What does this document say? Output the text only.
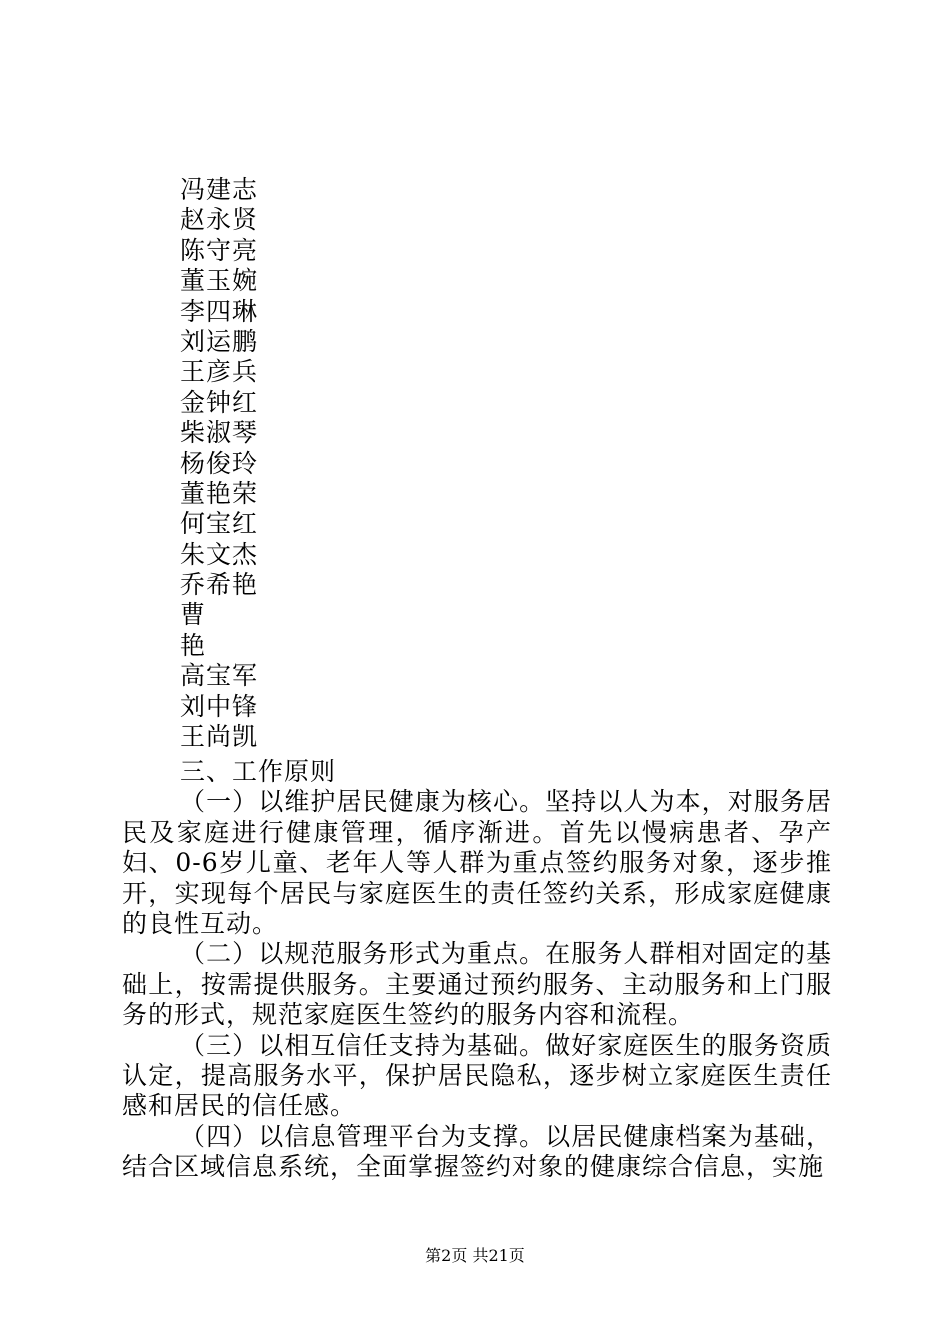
冯建志
赵永贤
陈守亮
董玉婉
李四琳
刘运鹏
王彦兵
金钟红
柴淑琴
杨俊玲
董艳荣
何宝红
朱文杰
乔希艳
曹
艳
高宝军
刘中锋
王尚凯

三、工作原则

（一）以维护居民健康为核心。坚持以人为本，对服务居民及家庭进行健康管理，循序渐进。首先以慢病患者、孕产妇、0-6岁儿童、老年人等人群为重点签约服务对象，逐步推开，实现每个居民与家庭医生的责任签约关系，形成家庭健康的良性互动。

（二）以规范服务形式为重点。在服务人群相对固定的基础上，按需提供服务。主要通过预约服务、主动服务和上门服务的形式，规范家庭医生签约的服务内容和流程。

（三）以相互信任支持为基础。做好家庭医生的服务资质认定，提高服务水平，保护居民隐私，逐步树立家庭医生责任感和居民的信任感。

（四）以信息管理平台为支撑。以居民健康档案为基础，结合区域信息系统，全面掌握签约对象的健康综合信息，实施

第2页 共21页
